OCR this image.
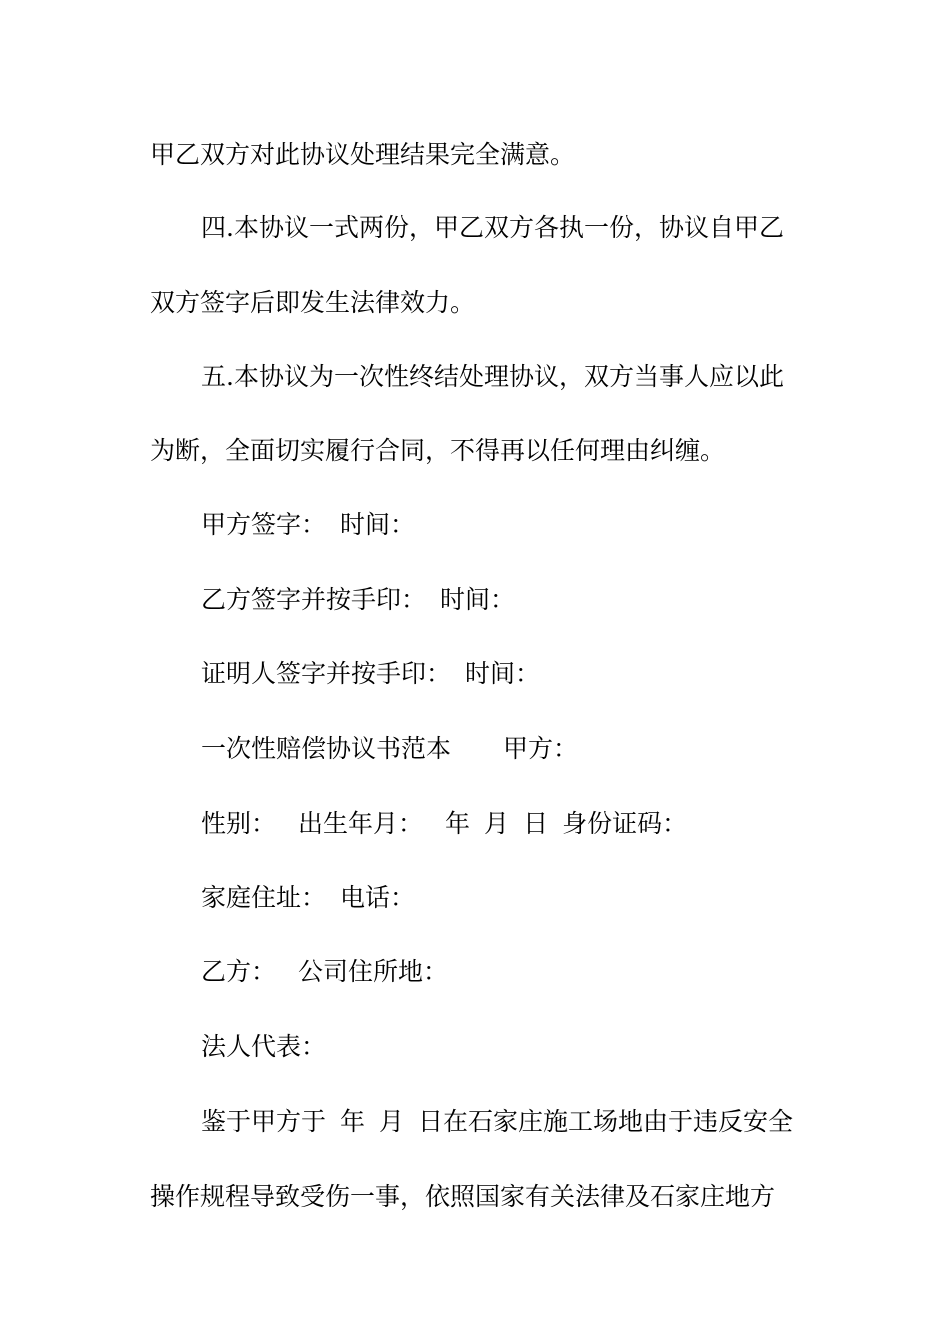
甲乙双方对此协议处理结果完全满意。
四.本协议一式两份，甲乙双方各执一份，协议自甲乙
双方签字后即发生法律效力。
五.本协议为一次性终结处理协议，双方当事人应以此
为断，全面切实履行合同，不得再以任何理由纠缠。
甲方签字： 时间：
乙方签字并按手印： 时间：
证明人签字并按手印： 时间：
一次性赔偿协议书范本 甲方：
性别： 出生年月： 年 月 日 身份证码：
家庭住址： 电话：
乙方： 公司住所地：
法人代表：
鉴于甲方于 年 月 日在石家庄施工场地由于违反安全
操作规程导致受伤一事，依照国家有关法律及石家庄地方
